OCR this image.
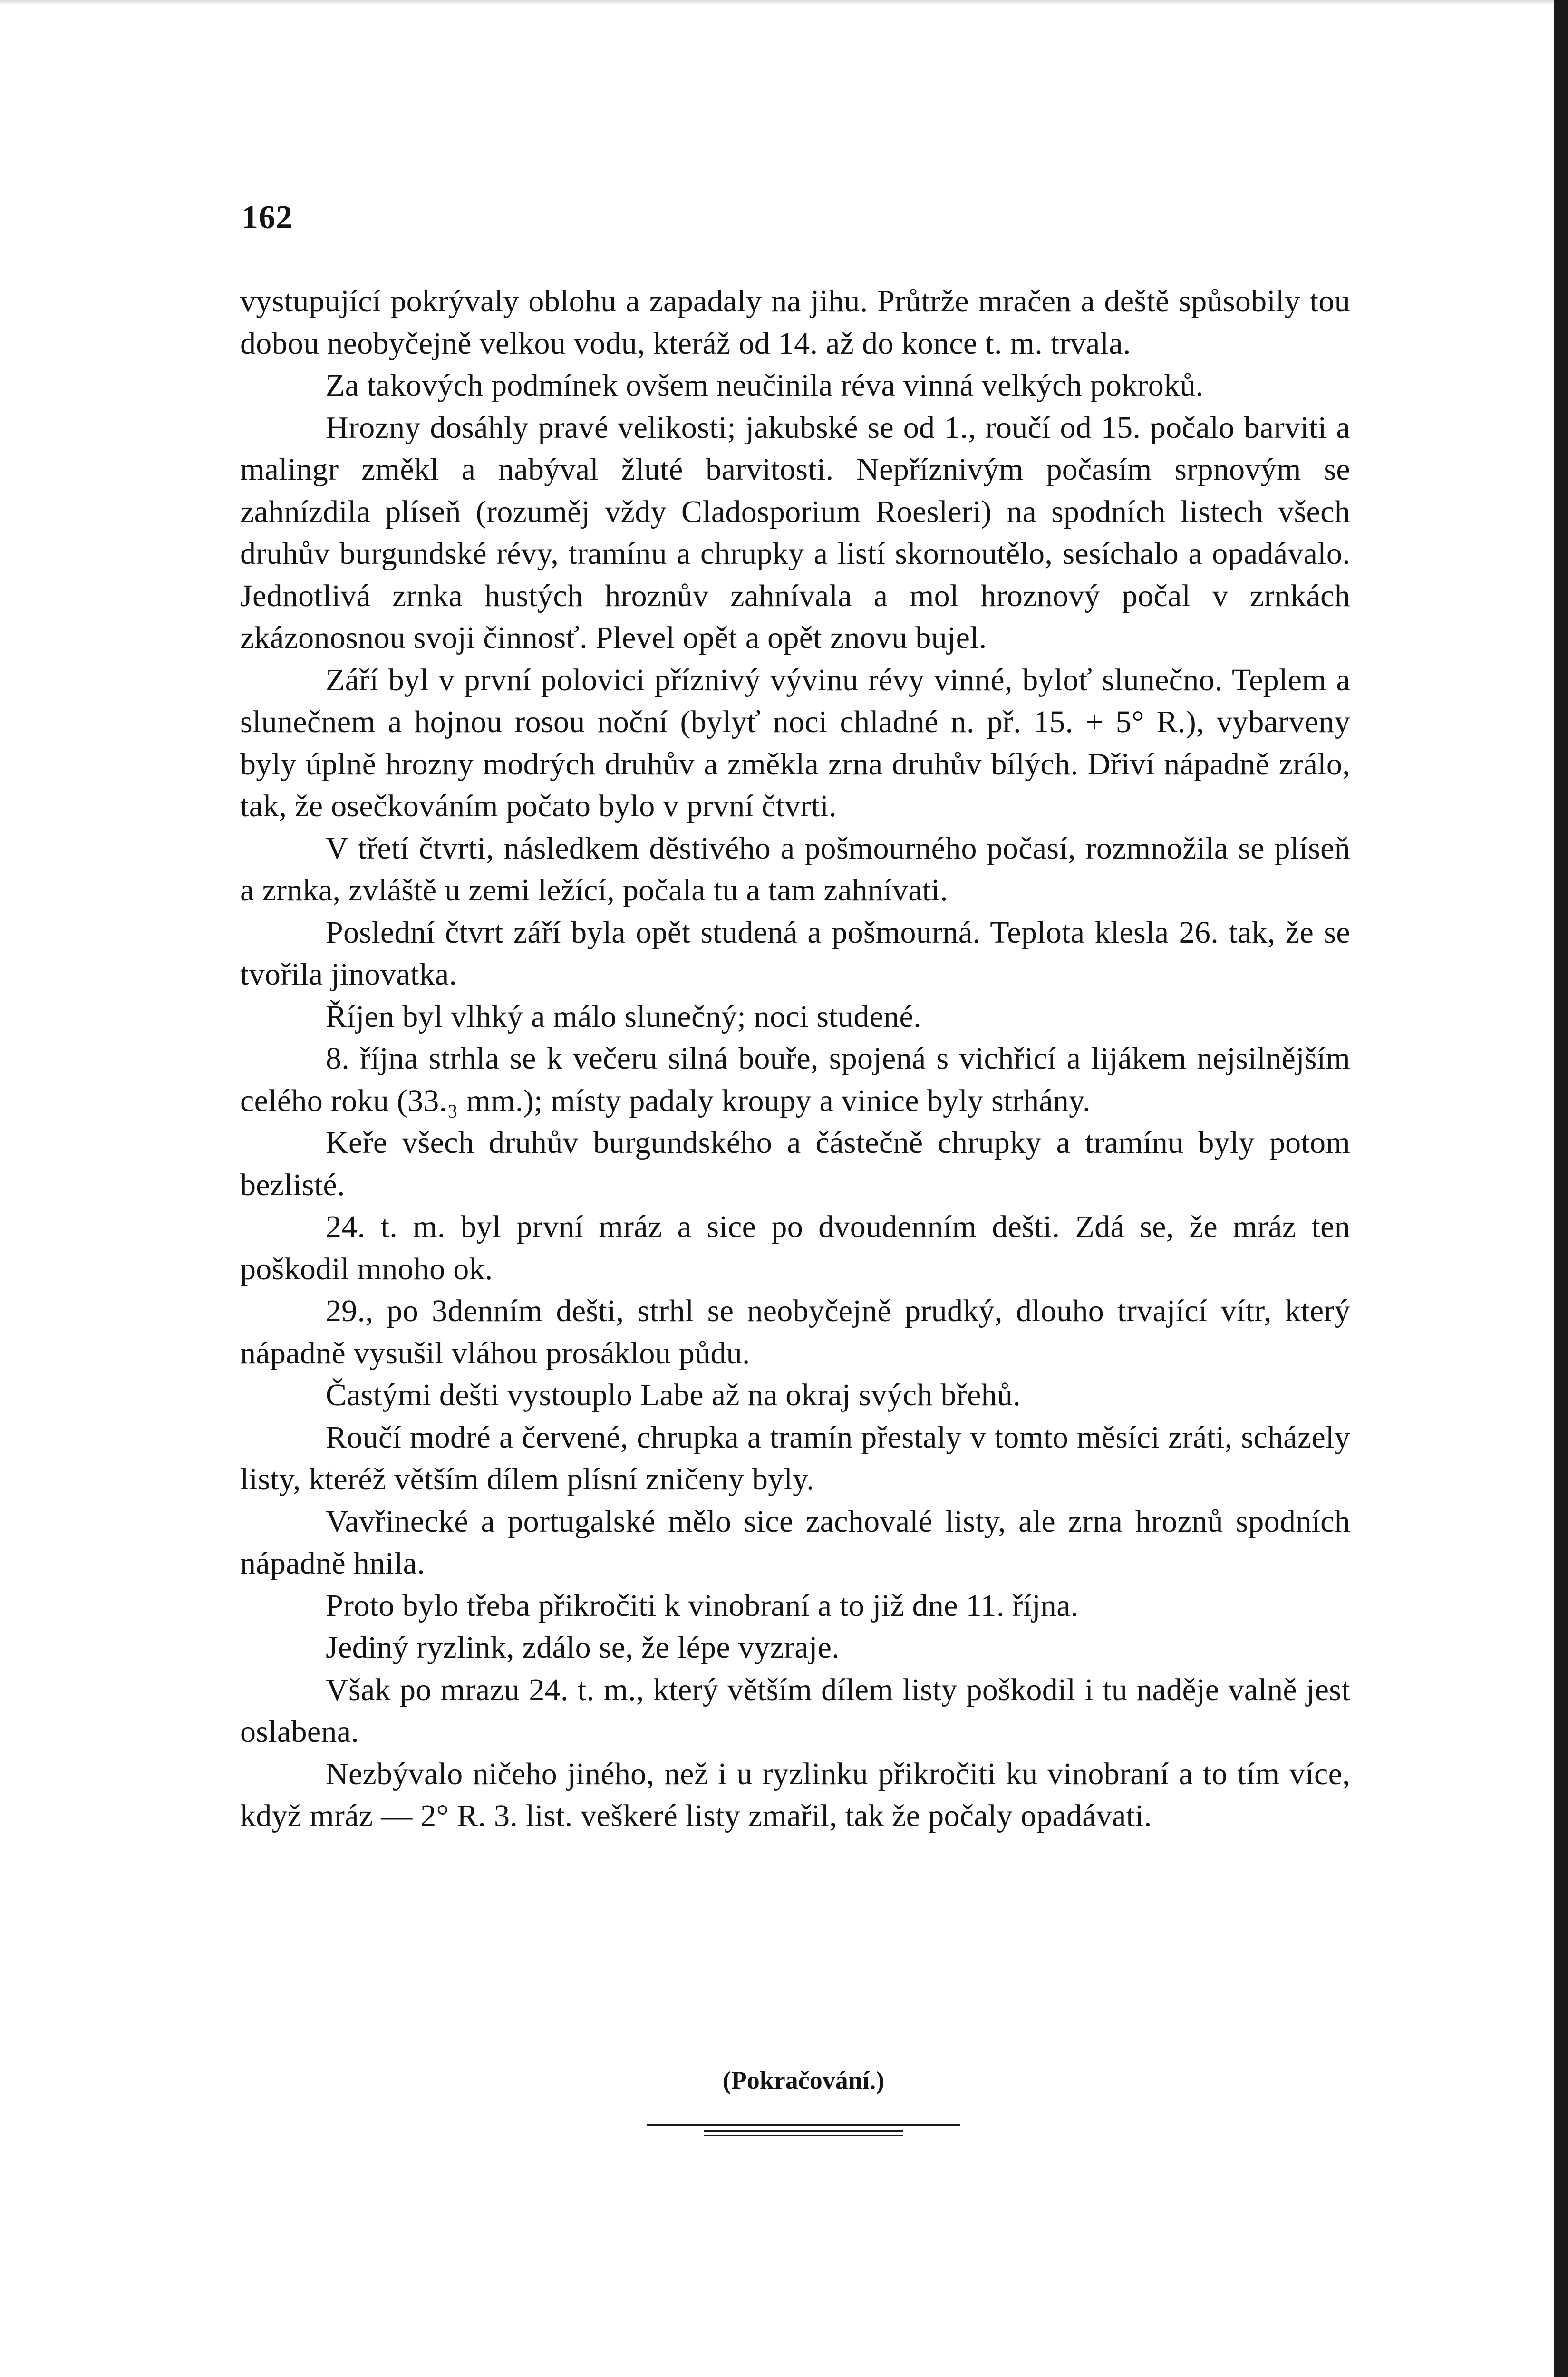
162

vystupující pokrývaly oblohu a zapadaly na jihu. Průtrže mračen a deště spůsobily tou dobou neobyčejně velkou vodu, kteráž od 14. až do konce t. m. trvala.

Za takových podmínek ovšem neučinila réva vinná velkých pokroků.

Hrozny dosáhly pravé velikosti; jakubské se od 1., roučí od 15. počalo barviti a malingr změkl a nabýval žluté barvitosti. Nepříznivým počasím srpnovým se zahnízdila plíseň (rozuměj vždy Cladosporium Roesleri) na spodních listech všech druhův burgundské révy, tramínu a chrupky a listí skornoutělo, sesíchalo a opadávalo. Jednotlivá zrnka hustých hroznův zahnívala a mol hroznový počal v zrnkách zkázonosnou svoji činnosť. Plevel opět a opět znovu bujel.

Září byl v první polovici příznivý vývinu révy vinné, byloť slunečno. Teplem a slunečnem a hojnou rosou noční (bylyť noci chladné n. př. 15. + 5° R.), vybarveny byly úplně hrozny modrých druhův a změkla zrna druhův bílých. Dřiví nápadně zrálo, tak, že osečkováním počato bylo v první čtvrti.

V třetí čtvrti, následkem děstivého a pošmourného počasí, rozmnožila se plíseň a zrnka, zvláště u zemi ležící, počala tu a tam zahnívati.

Poslední čtvrt září byla opět studená a pošmourná. Teplota klesla 26. tak, že se tvořila jinovatka.

Říjen byl vlhký a málo slunečný; noci studené.

8. října strhla se k večeru silná bouře, spojená s vichřicí a lijákem nejsilnějším celého roku (33.₃ mm.); místy padaly kroupy a vinice byly strhány.

Keře všech druhův burgundského a částečně chrupky a tramínu byly potom bezlisté.

24. t. m. byl první mráz a sice po dvoudenním dešti. Zdá se, že mráz ten poškodil mnoho ok.

29., po 3denním dešti, strhl se neobyčejně prudký, dlouho trvající vítr, který nápadně vysušil vláhou prosáklou půdu.

Častými dešti vystouplo Labe až na okraj svých břehů.

Roučí modré a červené, chrupka a tramín přestaly v tomto měsíci zráti, scházely listy, kteréž větším dílem plísní zničeny byly.

Vavřinecké a portugalské mělo sice zachovalé listy, ale zrna hroznů spodních nápadně hnila.

Proto bylo třeba přikročiti k vinobraní a to již dne 11. října.

Jediný ryzlink, zdálo se, že lépe vyzraje.

Však po mrazu 24. t. m., který větším dílem listy poškodil i tu naděje valně jest oslabena.

Nezbývalo ničeho jiného, než i u ryzlinku přikročiti ku vinobraní a to tím více, když mráz — 2° R. 3. list. veškeré listy zmařil, tak že počaly opadávati.

(Pokračování.)
